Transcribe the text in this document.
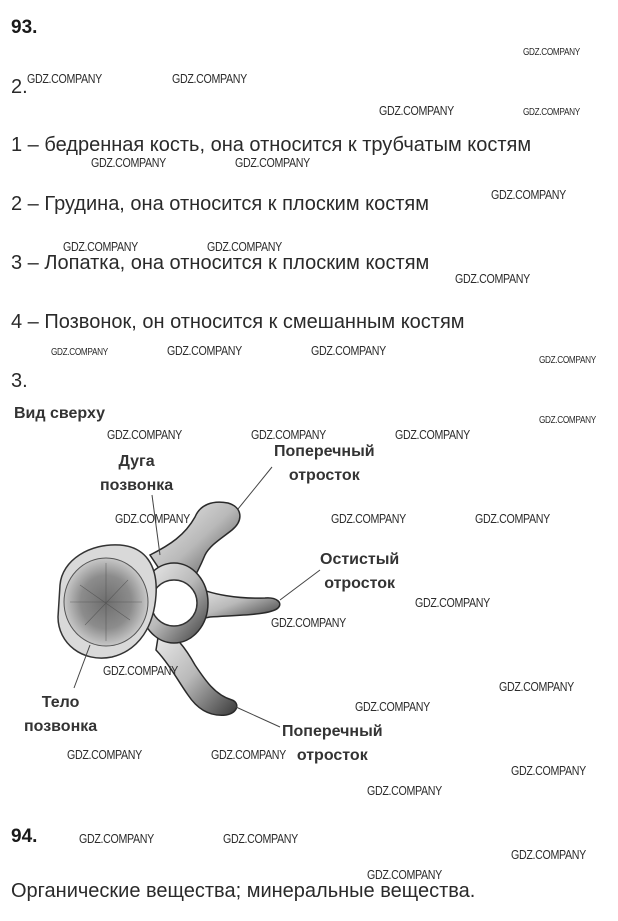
93.
2.
1 – бедренная кость, она относится к трубчатым костям
2 – Грудина, она относится к плоским костям
3 – Лопатка, она относится к плоским костям
4 – Позвонок, он относится к смешанным костям
3.
Вид сверху
Дуга
позвонка
Поперечный
отросток
Остистый
отросток
Тело
позвонка	Поперечный
отросток
94.
Органические вещества; минеральные вещества.
GDZ.COMPANY
GDZ.COMPANY	GDZ.COMPANY
GDZ.COMPANY	GDZ.COMPANY
GDZ.COMPANY	GDZ.COMPANY
GDZ.COMPANY
GDZ.COMPANY	GDZ.COMPANY
GDZ.COMPANY
GDZ.COMPANY	GDZ.COMPANY	GDZ.COMPANY
GDZ.COMPANY
GDZ.COMPANY
GDZ.COMPANY	GDZ.COMPANY	GDZ.COMPANY
GDZ.COMPANY	GDZ.COMPANY	GDZ.COMPANY
GDZ.COMPANY
GDZ.COMPANY
GDZ.COMPANY
GDZ.COMPANY
GDZ.COMPANY
GDZ.COMPANY	GDZ.COMPANY
GDZ.COMPANY
GDZ.COMPANY
GDZ.COMPANY	GDZ.COMPANY
GDZ.COMPANY
GDZ.COMPANY
